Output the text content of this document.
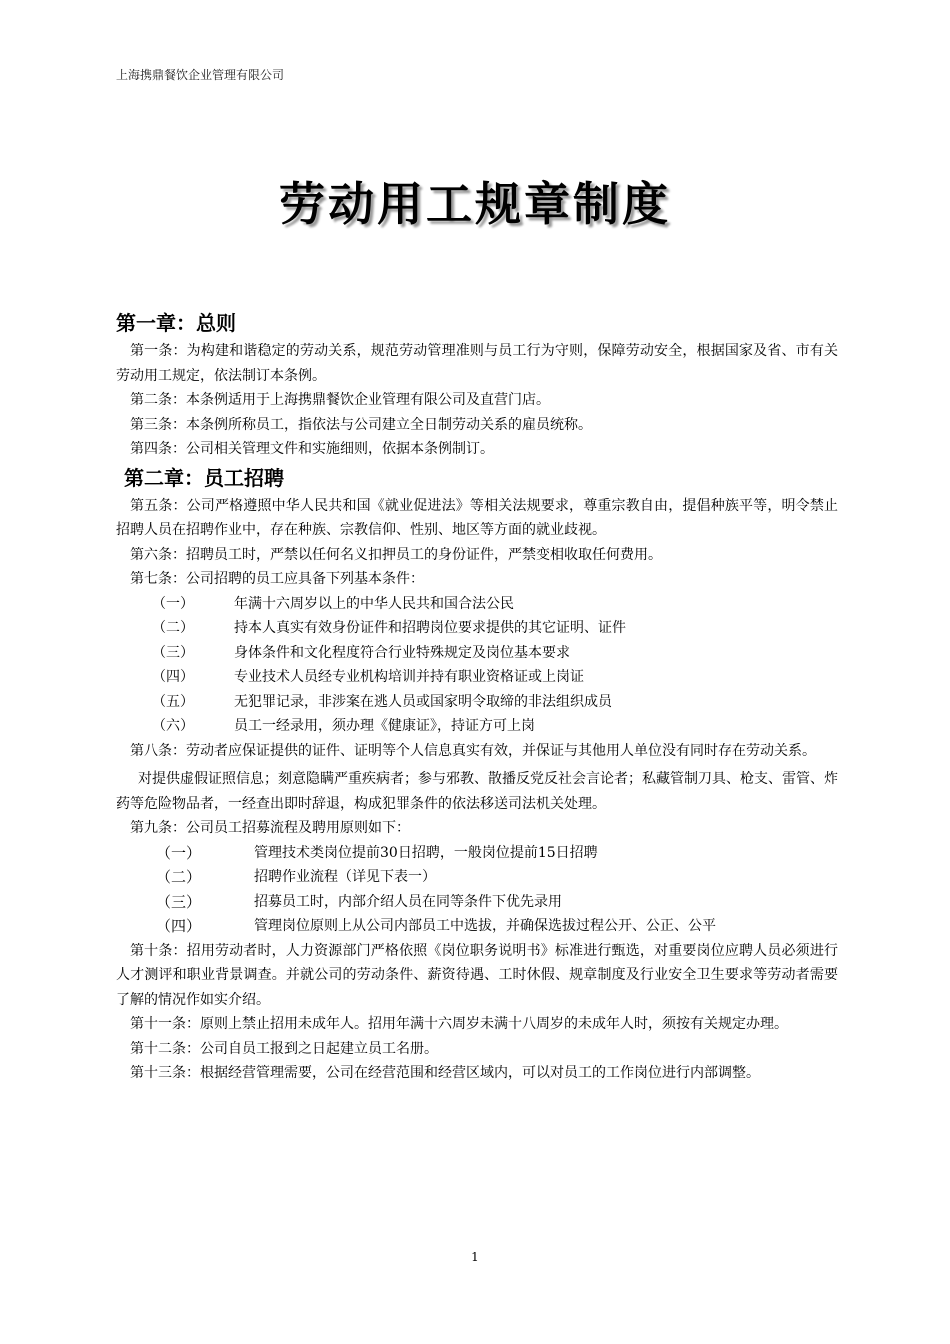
上海携鼎餐饮企业管理有限公司
劳动用工规章制度
第一章：总则
第一条：为构建和谐稳定的劳动关系，规范劳动管理准则与员工行为守则，保障劳动安全，根据国家及省、市有关劳动用工规定，依法制订本条例。
第二条：本条例适用于上海携鼎餐饮企业管理有限公司及直营门店。
第三条：本条例所称员工，指依法与公司建立全日制劳动关系的雇员统称。
第四条：公司相关管理文件和实施细则，依据本条例制订。
第二章：员工招聘
第五条：公司严格遵照中华人民共和国《就业促进法》等相关法规要求，尊重宗教自由，提倡种族平等，明令禁止招聘人员在招聘作业中，存在种族、宗教信仰、性别、地区等方面的就业歧视。
第六条：招聘员工时，严禁以任何名义扣押员工的身份证件，严禁变相收取任何费用。
第七条：公司招聘的员工应具备下列基本条件：
（一）	年满十六周岁以上的中华人民共和国合法公民
（二）	持本人真实有效身份证件和招聘岗位要求提供的其它证明、证件
（三）	身体条件和文化程度符合行业特殊规定及岗位基本要求
（四）	专业技术人员经专业机构培训并持有职业资格证或上岗证
（五）	无犯罪记录，非涉案在逃人员或国家明令取缔的非法组织成员
（六）	员工一经录用，须办理《健康证》，持证方可上岗
第八条：劳动者应保证提供的证件、证明等个人信息真实有效，并保证与其他用人单位没有同时存在劳动关系。
对提供虚假证照信息；刻意隐瞒严重疾病者；参与邪教、散播反党反社会言论者；私藏管制刀具、枪支、雷管、炸药等危险物品者，一经查出即时辞退，构成犯罪条件的依法移送司法机关处理。
第九条：公司员工招募流程及聘用原则如下：
（一）	管理技术类岗位提前30日招聘，一般岗位提前15日招聘
（二）	招聘作业流程（详见下表一）
（三）	招募员工时，内部介绍人员在同等条件下优先录用
（四）	管理岗位原则上从公司内部员工中选拔，并确保选拔过程公开、公正、公平
第十条：招用劳动者时，人力资源部门严格依照《岗位职务说明书》标准进行甄选，对重要岗位应聘人员必须进行人才测评和职业背景调查。并就公司的劳动条件、薪资待遇、工时休假、规章制度及行业安全卫生要求等劳动者需要了解的情况作如实介绍。
第十一条：原则上禁止招用未成年人。招用年满十六周岁未满十八周岁的未成年人时，须按有关规定办理。
第十二条：公司自员工报到之日起建立员工名册。
第十三条：根据经营管理需要，公司在经营范围和经营区域内，可以对员工的工作岗位进行内部调整。
1
